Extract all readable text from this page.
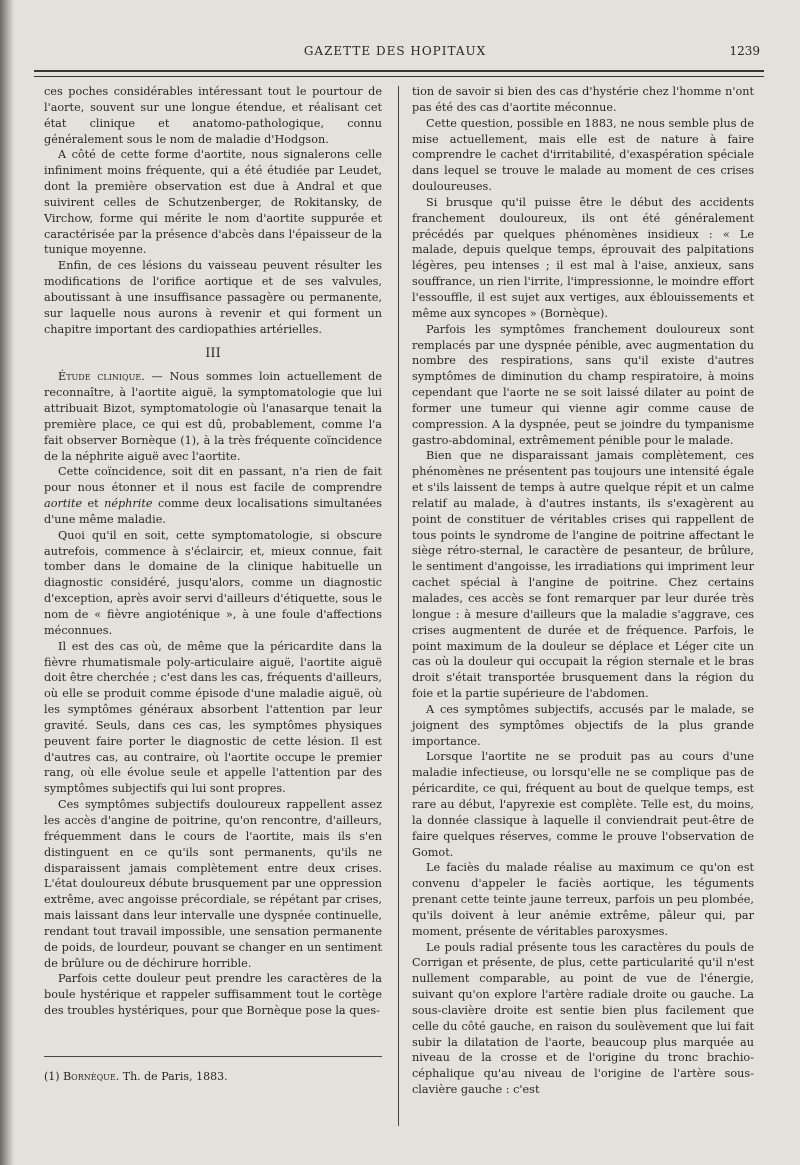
GAZETTE DES HOPITAUX	1239

ces poches considérables intéressant tout le pourtour de l'aorte, souvent sur une longue étendue, et réalisant cet état clinique et anatomo-pathologique, connu généralement sous le nom de maladie d'Hodgson.

A côté de cette forme d'aortite, nous signalerons celle infiniment moins fréquente, qui a été étudiée par Leudet, dont la première observation est due à Andral et que suivirent celles de Schutzenberger, de Rokitansky, de Virchow, forme qui mérite le nom d'aortite suppurée et caractérisée par la présence d'abcès dans l'épaisseur de la tunique moyenne.

Enfin, de ces lésions du vaisseau peuvent résulter les modifications de l'orifice aortique et de ses valvules, aboutissant à une insuffisance passagère ou permanente, sur laquelle nous aurons à revenir et qui forment un chapitre important des cardiopathies artérielles.

III

Étude clinique. — Nous sommes loin actuellement de reconnaître, à l'aortite aiguë, la symptomatologie que lui attribuait Bizot, symptomatologie où l'anasarque tenait la première place, ce qui est dû, probablement, comme l'a fait observer Bornèque (1), à la très fréquente coïncidence de la néphrite aiguë avec l'aortite.

Cette coïncidence, soit dit en passant, n'a rien de fait pour nous étonner et il nous est facile de comprendre aortite et néphrite comme deux localisations simultanées d'une même maladie.

Quoi qu'il en soit, cette symptomatologie, si obscure autrefois, commence à s'éclaircir, et, mieux connue, fait tomber dans le domaine de la clinique habituelle un diagnostic considéré, jusqu'alors, comme un diagnostic d'exception, après avoir servi d'ailleurs d'étiquette, sous le nom de « fièvre angioténique », à une foule d'affections méconnues.

Il est des cas où, de même que la péricardite dans la fièvre rhumatismale poly-articulaire aiguë, l'aortite aiguë doit être cherchée ; c'est dans les cas, fréquents d'ailleurs, où elle se produit comme épisode d'une maladie aiguë, où les symptômes généraux absorbent l'attention par leur gravité. Seuls, dans ces cas, les symptômes physiques peuvent faire porter le diagnostic de cette lésion. Il est d'autres cas, au contraire, où l'aortite occupe le premier rang, où elle évolue seule et appelle l'attention par des symptômes subjectifs qui lui sont propres.

Ces symptômes subjectifs douloureux rappellent assez les accès d'angine de poitrine, qu'on rencontre, d'ailleurs, fréquemment dans le cours de l'aortite, mais ils s'en distinguent en ce qu'ils sont permanents, qu'ils ne disparaissent jamais complètement entre deux crises. L'état douloureux débute brusquement par une oppression extrême, avec angoisse précordiale, se répétant par crises, mais laissant dans leur intervalle une dyspnée continuelle, rendant tout travail impossible, une sensation permanente de poids, de lourdeur, pouvant se changer en un sentiment de brûlure ou de déchirure horrible.

Parfois cette douleur peut prendre les caractères de la boule hystérique et rappeler suffisamment tout le cortège des troubles hystériques, pour que Bornèque pose la ques-

tion de savoir si bien des cas d'hystérie chez l'homme n'ont pas été des cas d'aortite méconnue.

Cette question, possible en 1883, ne nous semble plus de mise actuellement, mais elle est de nature à faire comprendre le cachet d'irritabilité, d'exaspération spéciale dans lequel se trouve le malade au moment de ces crises douloureuses.

Si brusque qu'il puisse être le début des accidents franchement douloureux, ils ont été généralement précédés par quelques phénomènes insidieux : « Le malade, depuis quelque temps, éprouvait des palpitations légères, peu intenses ; il est mal à l'aise, anxieux, sans souffrance, un rien l'irrite, l'impressionne, le moindre effort l'essouffle, il est sujet aux vertiges, aux éblouissements et même aux syncopes » (Bornèque).

Parfois les symptômes franchement douloureux sont remplacés par une dyspnée pénible, avec augmentation du nombre des respirations, sans qu'il existe d'autres symptômes de diminution du champ respiratoire, à moins cependant que l'aorte ne se soit laissé dilater au point de former une tumeur qui vienne agir comme cause de compression. A la dyspnée, peut se joindre du tympanisme gastro-abdominal, extrêmement pénible pour le malade.

Bien que ne disparaissant jamais complètement, ces phénomènes ne présentent pas toujours une intensité égale et s'ils laissent de temps à autre quelque répit et un calme relatif au malade, à d'autres instants, ils s'exagèrent au point de constituer de véritables crises qui rappellent de tous points le syndrome de l'angine de poitrine affectant le siège rétro-sternal, le caractère de pesanteur, de brûlure, le sentiment d'angoisse, les irradiations qui impriment leur cachet spécial à l'angine de poitrine. Chez certains malades, ces accès se font remarquer par leur durée très longue : à mesure d'ailleurs que la maladie s'aggrave, ces crises augmentent de durée et de fréquence. Parfois, le point maximum de la douleur se déplace et Léger cite un cas où la douleur qui occupait la région sternale et le bras droit s'était transportée brusquement dans la région du foie et la partie supérieure de l'abdomen.

A ces symptômes subjectifs, accusés par le malade, se joignent des symptômes objectifs de la plus grande importance.

Lorsque l'aortite ne se produit pas au cours d'une maladie infectieuse, ou lorsqu'elle ne se complique pas de péricardite, ce qui, fréquent au bout de quelque temps, est rare au début, l'apyrexie est complète. Telle est, du moins, la donnée classique à laquelle il conviendrait peut-être de faire quelques réserves, comme le prouve l'observation de Gomot.

Le faciès du malade réalise au maximum ce qu'on est convenu d'appeler le faciès aortique, les téguments prenant cette teinte jaune terreux, parfois un peu plombée, qu'ils doivent à leur anémie extrême, pâleur qui, par moment, présente de véritables paroxysmes.

Le pouls radial présente tous les caractères du pouls de Corrigan et présente, de plus, cette particularité qu'il n'est nullement comparable, au point de vue de l'énergie, suivant qu'on explore l'artère radiale droite ou gauche. La sous-clavière droite est sentie bien plus facilement que celle du côté gauche, en raison du soulèvement que lui fait subir la dilatation de l'aorte, beaucoup plus marquée au niveau de la crosse et de l'origine du tronc brachio-céphalique qu'au niveau de l'origine de l'artère sous-clavière gauche : c'est

(1) Bornèque. Th. de Paris, 1883.
